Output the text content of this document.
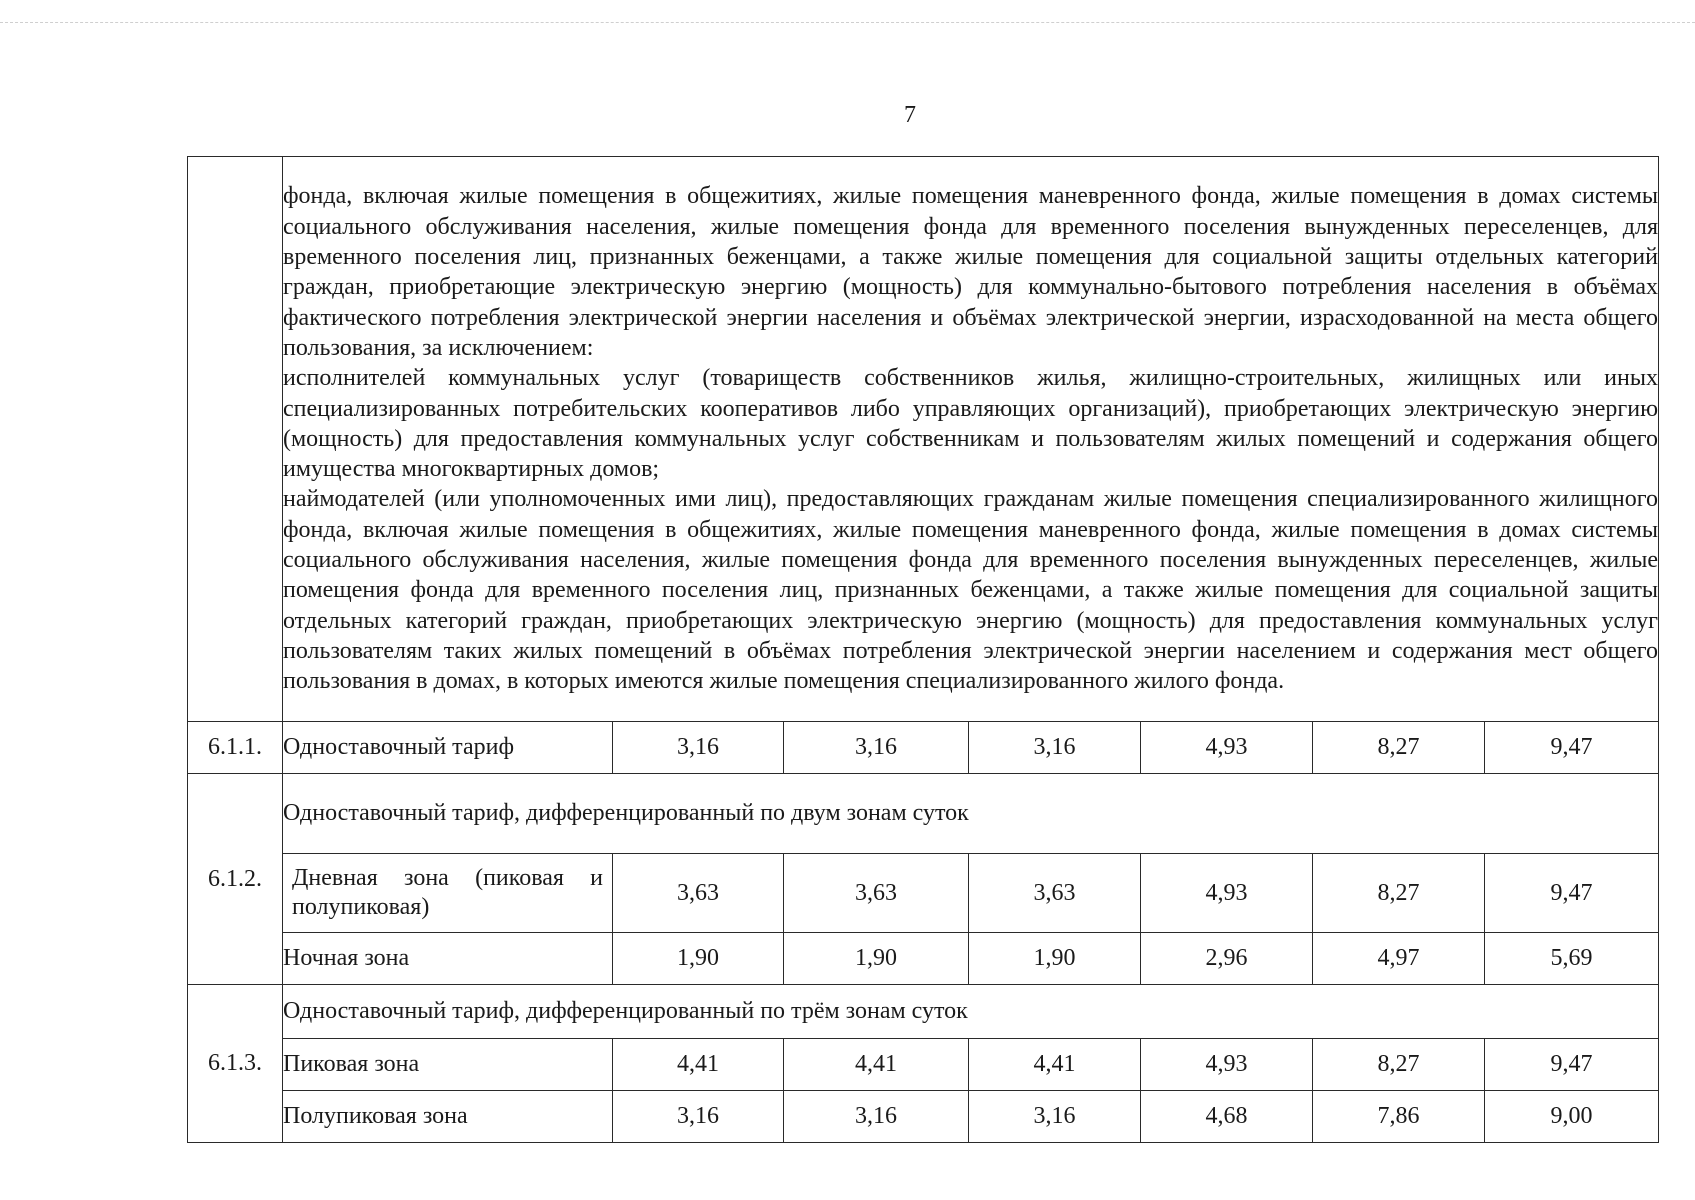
7

	фонда, включая жилые помещения в общежитиях, жилые помещения маневренного фонда, жилые помещения в домах системы социального обслуживания населения, жилые помещения фонда для временного поселения вынужденных переселенцев, для временного поселения лиц, признанных беженцами, а также жилые помещения для социальной защиты отдельных категорий граждан, приобретающие электрическую энергию (мощность) для коммунально-бытового потребления населения в объёмах фактического потребления электрической энергии населения и объёмах электрической энергии, израсходованной на места общего пользования, за исключением:

исполнителей коммунальных услуг (товариществ собственников жилья, жилищно-строительных, жилищных или иных специализированных потребительских кооперативов либо управляющих организаций), приобретающих электрическую энергию (мощность) для предоставления коммунальных услуг собственникам и пользователям жилых помещений и содержания общего имущества многоквартирных домов;

наймодателей (или уполномоченных ими лиц), предоставляющих гражданам жилые помещения специализированного жилищного фонда, включая жилые помещения в общежитиях, жилые помещения маневренного фонда, жилые помещения в домах системы социального обслуживания населения, жилые помещения фонда для временного поселения вынужденных переселенцев, жилые помещения фонда для временного поселения лиц, признанных беженцами, а также жилые помещения для социальной защиты отдельных категорий граждан, приобретающих электрическую энергию (мощность) для предоставления коммунальных услуг пользователям таких жилых помещений в объёмах потребления электрической энергии населением и содержания мест общего пользования в домах, в которых имеются жилые помещения специализированного жилого фонда.						

6.1.1.	Одноставочный тариф	3,16	3,16	3,16	4,93	8,27	9,47
6.1.2.	Одноставочный тариф, дифференцированный по двум зонам суток						
	Дневная зона (пиковая и полупиковая)	3,63	3,63	3,63	4,93	8,27	9,47
	Ночная зона	1,90	1,90	1,90	2,96	4,97	5,69
6.1.3.	Одноставочный тариф, дифференцированный по трём зонам суток						
	Пиковая зона	4,41	4,41	4,41	4,93	8,27	9,47
	Полупиковая зона	3,16	3,16	3,16	4,68	7,86	9,00
